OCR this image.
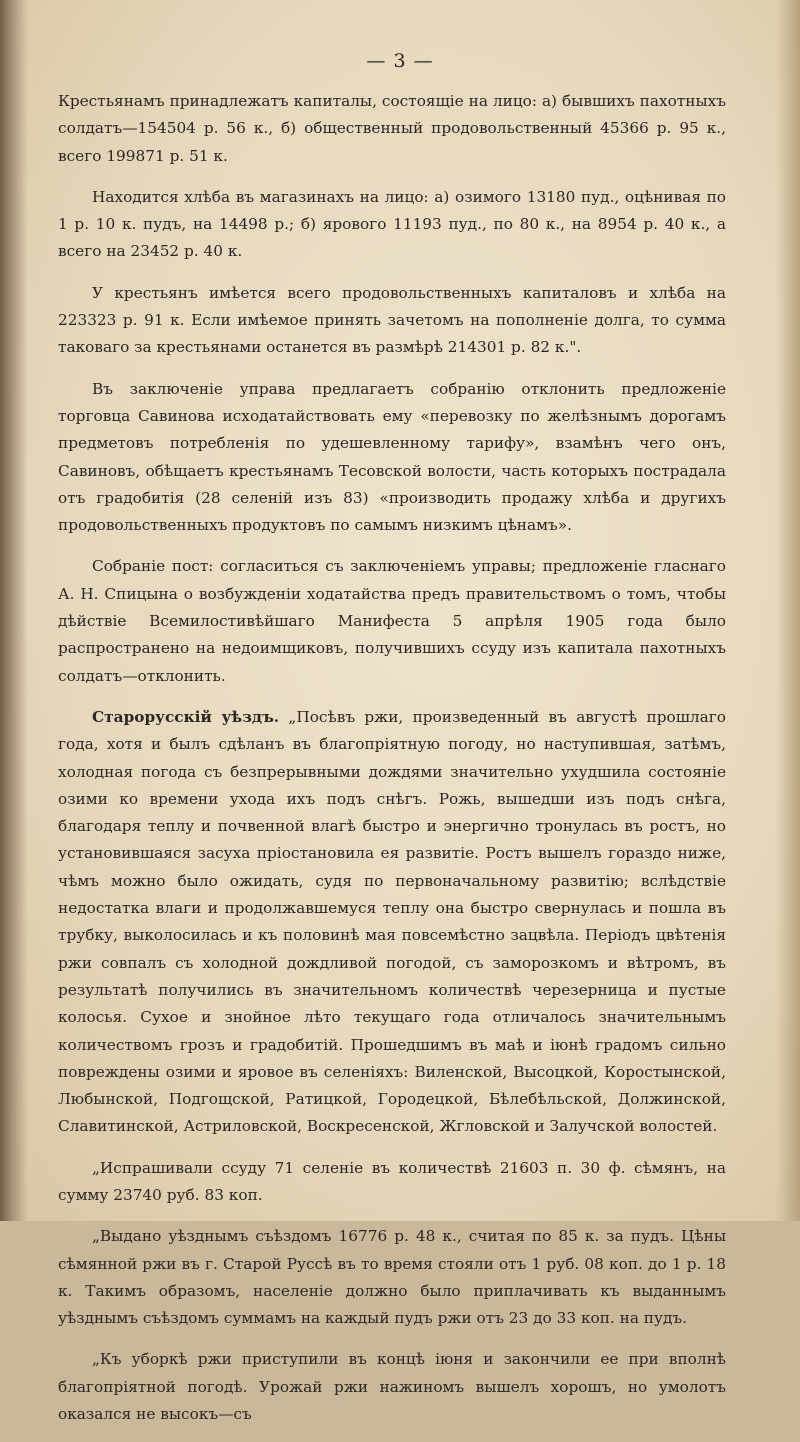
— 3 —

Крестьянамъ принадлежатъ капиталы, состоящіе на лицо: а) бывшихъ пахотныхъ солдатъ—154504 р. 56 к., б) общественный продовольственный 45366 р. 95 к., всего 199871 р. 51 к.

Находится хлѣба въ магазинахъ на лицо: а) озимого 13180 пуд., оцѣнивая по 1 р. 10 к. пудъ, на 14498 р.; б) ярового 11193 пуд., по 80 к., на 8954 р. 40 к., а всего на 23452 р. 40 к.

У крестьянъ имѣется всего продовольственныхъ капиталовъ и хлѣба на 223323 р. 91 к. Если имѣемое принять зачетомъ на пополненіе долга, то сумма таковаго за крестьянами останется въ размѣрѣ 214301 р. 82 к.".

Въ заключеніе управа предлагаетъ собранію отклонить предложеніе торговца Савинова исходатайствовать ему «перевозку по желѣзнымъ дорогамъ предметовъ потребленія по удешевленному тарифу», взамѣнъ чего онъ, Савиновъ, обѣщаетъ крестьянамъ Тесовской волости, часть которыхъ пострадала отъ градобитія (28 селеній изъ 83) «производить продажу хлѣба и другихъ продовольственныхъ продуктовъ по самымъ низкимъ цѣнамъ».

Собраніе пост: согласиться съ заключеніемъ управы; предложеніе гласнаго А. Н. Спицына о возбужденіи ходатайства предъ правительствомъ о томъ, чтобы дѣйствіе Всемилостивѣйшаго Манифеста 5 апрѣля 1905 года было распространено на недоимщиковъ, получившихъ ссуду изъ капитала пахотныхъ солдатъ—отклонить.

Старорусскій уѣздъ. „Посѣвъ ржи, произведенный въ августѣ прошлаго года, хотя и былъ сдѣланъ въ благопріятную погоду, но наступившая, затѣмъ, холодная погода съ безпрерывными дождями значительно ухудшила состояніе озими ко времени ухода ихъ подъ снѣгъ. Рожь, вышедши изъ подъ снѣга, благодаря теплу и почвенной влагѣ быстро и энергично тронулась въ ростъ, но установившаяся засуха пріостановила ея развитіе. Ростъ вышелъ гораздо ниже, чѣмъ можно было ожидать, судя по первоначальному развитію; вслѣдствіе недостатка влаги и продолжавшемуся теплу она быстро свернулась и пошла въ трубку, выколосилась и къ половинѣ мая повсемѣстно зацвѣла. Періодъ цвѣтенія ржи совпалъ съ холодной дождливой погодой, съ заморозкомъ и вѣтромъ, въ результатѣ получились въ значительномъ количествѣ черезерница и пустые колосья. Сухое и знойное лѣто текущаго года отличалось значительнымъ количествомъ грозъ и градобитій. Прошедшимъ въ маѣ и іюнѣ градомъ сильно повреждены озими и яровое въ селеніяхъ: Виленской, Высоцкой, Коростынской, Любынской, Подгощской, Ратицкой, Городецкой, Бѣлебѣльской, Должинской, Славитинской, Астриловской, Воскресенской, Жгловской и Залучской волостей.

„Испрашивали ссуду 71 селеніе въ количествѣ 21603 п. 30 ф. сѣмянъ, на сумму 23740 руб. 83 коп.

„Выдано уѣзднымъ съѣздомъ 16776 р. 48 к., считая по 85 к. за пудъ. Цѣны сѣмянной ржи въ г. Старой Руссѣ въ то время стояли отъ 1 руб. 08 коп. до 1 р. 18 к. Такимъ образомъ, населеніе должно было приплачивать къ выданнымъ уѣзднымъ съѣздомъ суммамъ на каждый пудъ ржи отъ 23 до 33 коп. на пудъ.

„Къ уборкѣ ржи приступили въ концѣ іюня и закончили ее при вполнѣ благопріятной погодѣ. Урожай ржи нажиномъ вышелъ хорошъ, но умолотъ оказался не высокъ—съ
